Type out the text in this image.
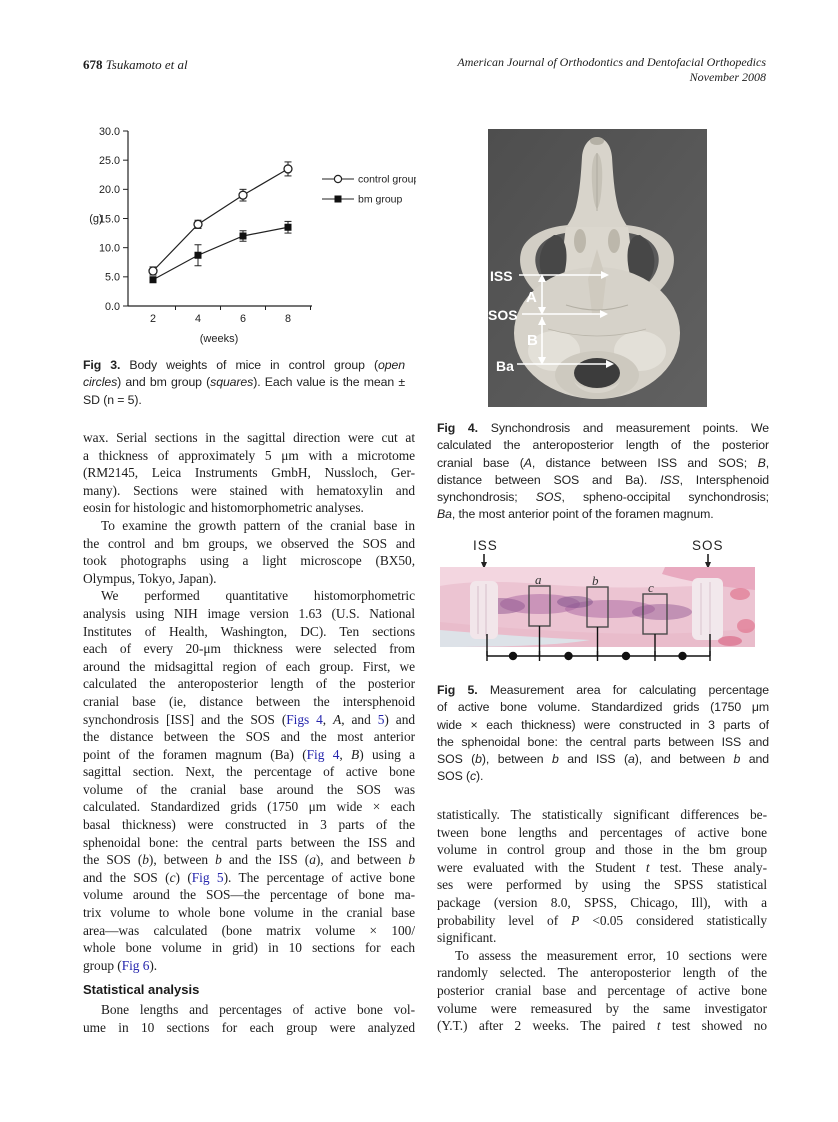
678 Tsukamoto et al	American Journal of Orthodontics and Dentofacial Orthopedics
November 2008
0.0
5.0
10.0
15.0
20.0
25.0
30.0
2	4	6	8
(g)
(weeks)
control group
bm group
Fig 3. Body weights of mice in control group (open
circles) and bm group (squares). Each value is the mean ±
SD (n = 5).
wax. Serial sections in the sagittal direction were cut at
a thickness of approximately 5 μm with a microtome
(RM2145, Leica Instruments GmbH, Nussloch, Ger-
many). Sections were stained with hematoxylin and
eosin for histologic and histomorphometric analyses.
To examine the growth pattern of the cranial base in
the control and bm groups, we observed the SOS and
took photographs using a light microscope (BX50,
Olympus, Tokyo, Japan).
We performed quantitative histomorphometric
analysis using NIH image version 1.63 (U.S. National
Institutes of Health, Washington, DC). Ten sections
each of every 20-μm thickness were selected from
around the midsagittal region of each group. First, we
calculated the anteroposterior length of the posterior
cranial base (ie, distance between the intersphenoid
synchondrosis [ISS] and the SOS (Figs 4, A, and 5) and
the distance between the SOS and the most anterior
point of the foramen magnum (Ba) (Fig 4, B) using a
sagittal section. Next, the percentage of active bone
volume of the cranial base around the SOS was
calculated. Standardized grids (1750 μm wide × each
basal thickness) were constructed in 3 parts of the
sphenoidal bone: the central parts between the ISS and
the SOS (b), between b and the ISS (a), and between b
and the SOS (c) (Fig 5). The percentage of active bone
volume around the SOS—the percentage of bone ma-
trix volume to whole bone volume in the cranial base
area—was calculated (bone matrix volume × 100/
whole bone volume in grid) in 10 sections for each
group (Fig 6).
Statistical analysis
Bone lengths and percentages of active bone vol-
ume in 10 sections for each group were analyzed
ISS
A
SOS
B
Ba
Fig 4. Synchondrosis and measurement points. We
calculated the anteroposterior length of the posterior
cranial base (A, distance between ISS and SOS; B,
distance between SOS and Ba). ISS, Intersphenoid
synchondrosis; SOS, spheno-occipital synchondrosis;
Ba, the most anterior point of the foramen magnum.
ISS	SOS
a	b	c
Fig 5. Measurement area for calculating percentage
of active bone volume. Standardized grids (1750 μm
wide × each thickness) were constructed in 3 parts of
the sphenoidal bone: the central parts between ISS and
SOS (b), between b and ISS (a), and between b and
SOS (c).
statistically. The statistically significant differences be-
tween bone lengths and percentages of active bone
volume in control group and those in the bm group
were evaluated with the Student t test. These analy-
ses were performed by using the SPSS statistical
package (version 8.0, SPSS, Chicago, Ill), with a
probability level of P <0.05 considered statistically
significant.
To assess the measurement error, 10 sections were
randomly selected. The anteroposterior length of the
posterior cranial base and percentage of active bone
volume were remeasured by the same investigator
(Y.T.) after 2 weeks. The paired t test showed no
